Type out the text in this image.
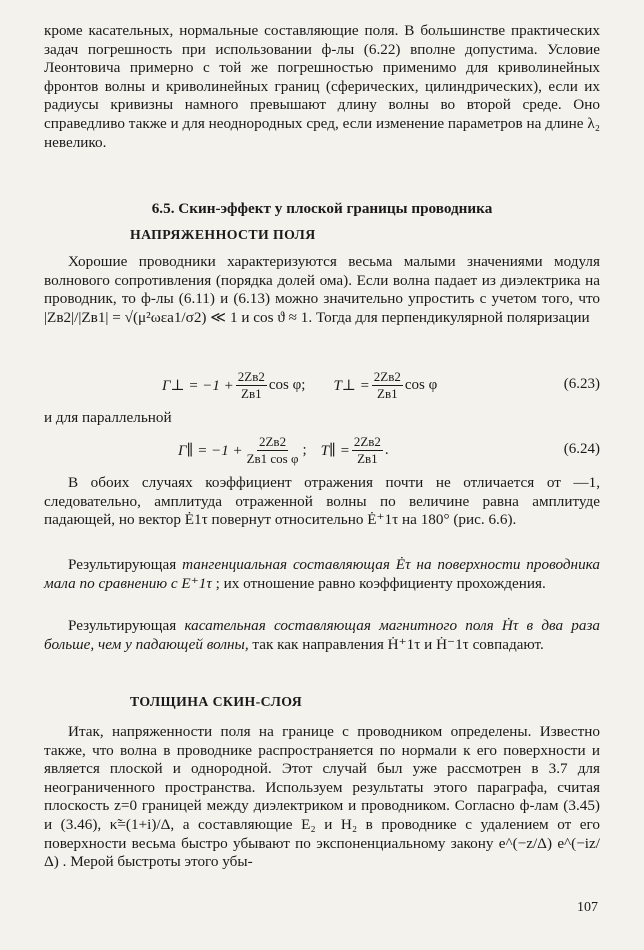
кроме касательных, нормальные составляющие поля. В большинстве практических задач погрешность при использовании ф-лы (6.22) вполне допустима. Условие Леонтовича примерно с той же погрешностью применимо для криволинейных фронтов волны и криволинейных границ (сферических, цилиндрических), если их радиусы кривизны намного превышают длину волны во второй среде. Оно справедливо также и для неоднородных сред, если изменение параметров на длине λ₂ невелико.

6.5. Скин-эффект у плоской границы проводника
НАПРЯЖЕННОСТИ ПОЛЯ

Хорошие проводники характеризуются весьма малыми значениями модуля волнового сопротивления (порядка долей ома). Если волна падает из диэлектрика на проводник, то ф-лы (6.11) и (6.13) можно значительно упростить с учетом того, что |Zв2|/|Zв1| = √(μ²ωεa1/σ2) ≪ 1 и cos ϑ ≈ 1. Тогда для перпендикулярной поляризации

Γ⊥ = $-1 + \frac{2Zв2}{Zв1}$ cos φ; T⊥ = $\frac{2Zв2}{Zв1}$ cos φ	(6.23)

и для параллельной

Γ∥ = $-1 + \frac{2Zв2}{\text{Zв1 cos φ}}$ ; T∥ = $\frac{2Zв2}{Zв1}$ .	(6.24)

В обоих случаях коэффициент отражения почти не отличается от —1, следовательно, амплитуда отраженной волны по величине равна амплитуде падающей, но вектор Ė1τ повернут относительно Ė⁺1τ на 180° (рис. 6.6).

Результирующая тангенциальная составляющая Ėτ на поверхности проводника мала по сравнению с E⁺1τ ; их отношение равно коэффициенту прохождения.

Результирующая касательная составляющая магнитного поля Ḣτ в два раза больше, чем у падающей волны, так как направления Ḣ⁺1τ и Ḣ⁻1τ совпадают.

ТОЛЩИНА СКИН-СЛОЯ

Итак, напряженности поля на границе с проводником определены. Известно также, что волна в проводнике распространяется по нормали к его поверхности и является плоской и однородной. Этот случай был уже рассмотрен в 3.7 для неограниченного пространства. Используем результаты этого параграфа, считая плоскость z=0 границей между диэлектриком и проводником. Согласно ф-лам (3.45) и (3.46), κ̃=(1+i)/Δ, а составляющие E₂ и H₂ в проводнике с удалением от его поверхности весьма быстро убывают по экспоненциальному закону e^(−z/Δ) e^(−iz/Δ) . Мерой быстроты этого убы-

107
